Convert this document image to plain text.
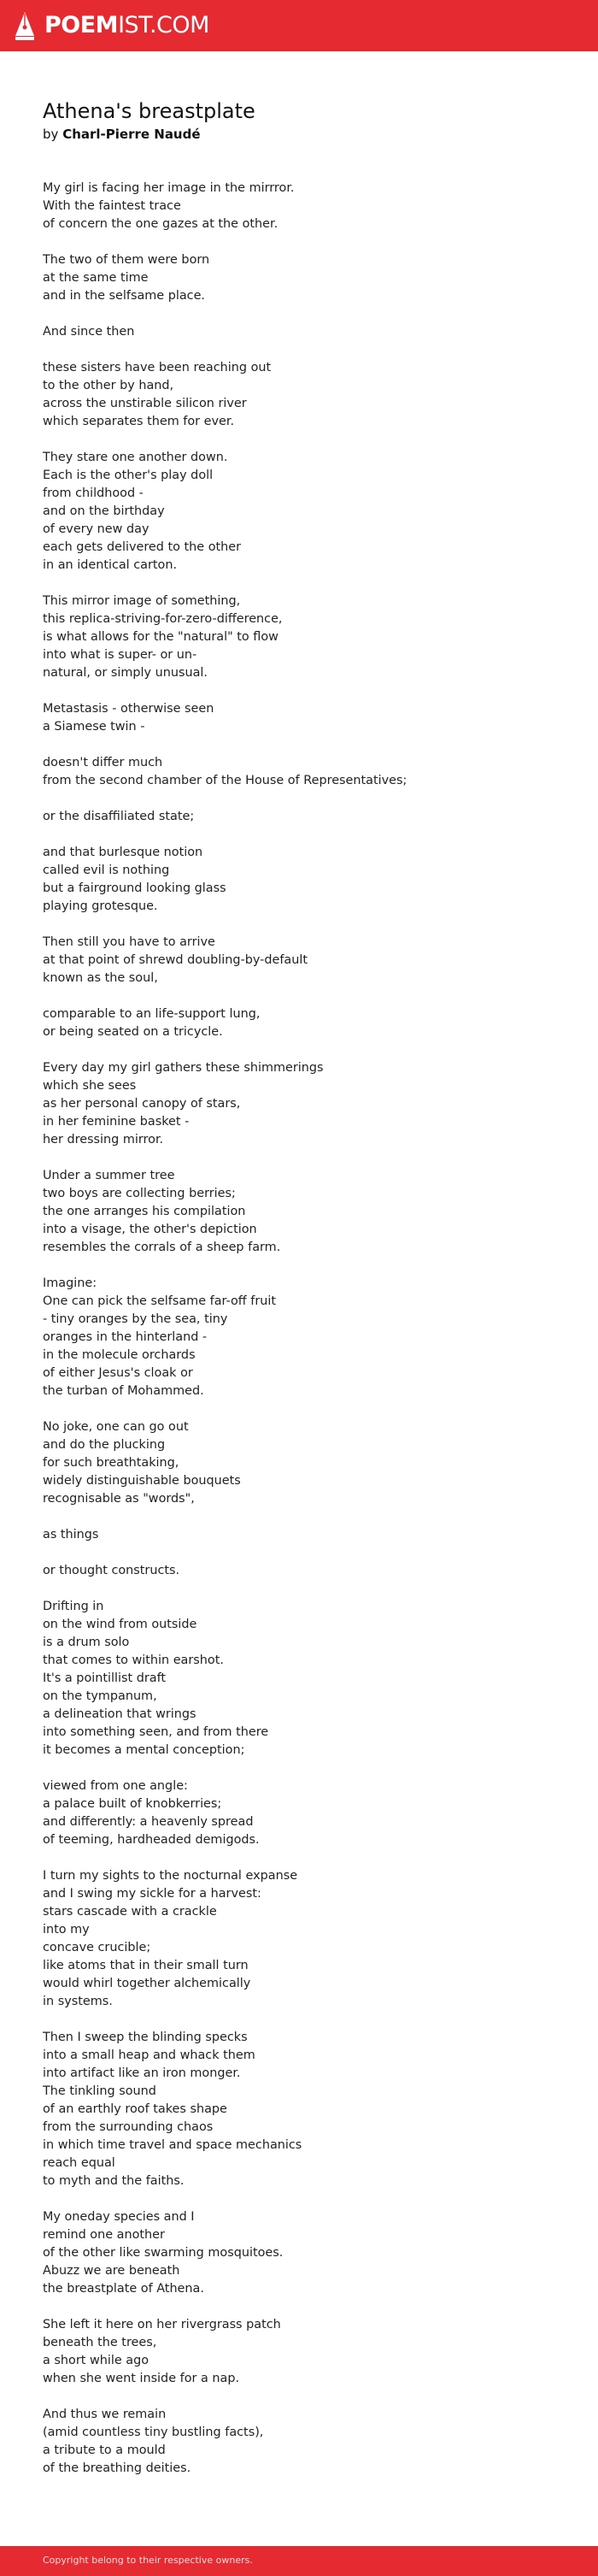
POEMIST.COM
Athena's breastplate
by Charl-Pierre Naudé

My girl is facing her image in the mirrror.
With the faintest trace
of concern the one gazes at the other.

The two of them were born
at the same time
and in the selfsame place.

And since then

these sisters have been reaching out
to the other by hand,
across the unstirable silicon river
which separates them for ever.

They stare one another down.
Each is the other's play doll
from childhood -
and on the birthday
of every new day
each gets delivered to the other
in an identical carton.

This mirror image of something,
this replica-striving-for-zero-difference,
is what allows for the "natural" to flow
into what is super- or un-
natural, or simply unusual.

Metastasis - otherwise seen
a Siamese twin -

doesn't differ much
from the second chamber of the House of Representatives;

or the disaffiliated state;

and that burlesque notion
called evil is nothing
but a fairground looking glass
playing grotesque.

Then still you have to arrive
at that point of shrewd doubling-by-default
known as the soul,

comparable to an life-support lung,
or being seated on a tricycle.

Every day my girl gathers these shimmerings
which she sees
as her personal canopy of stars,
in her feminine basket -
her dressing mirror.

Under a summer tree
two boys are collecting berries;
the one arranges his compilation
into a visage, the other's depiction
resembles the corrals of a sheep farm.

Imagine:
One can pick the selfsame far-off fruit
- tiny oranges by the sea, tiny
oranges in the hinterland -
in the molecule orchards
of either Jesus's cloak or
the turban of Mohammed.

No joke, one can go out
and do the plucking
for such breathtaking,
widely distinguishable bouquets
recognisable as "words",

as things

or thought constructs.

Drifting in
on the wind from outside
is a drum solo
that comes to within earshot.
It's a pointillist draft
on the tympanum,
a delineation that wrings
into something seen, and from there
it becomes a mental conception;

viewed from one angle:
a palace built of knobkerries;
and differently: a heavenly spread
of teeming, hardheaded demigods.

I turn my sights to the nocturnal expanse
and I swing my sickle for a harvest:
stars cascade with a crackle
into my
concave crucible;
like atoms that in their small turn
would whirl together alchemically
in systems.

Then I sweep the blinding specks
into a small heap and whack them
into artifact like an iron monger.
The tinkling sound
of an earthly roof takes shape
from the surrounding chaos
in which time travel and space mechanics
reach equal
to myth and the faiths.

My oneday species and I
remind one another
of the other like swarming mosquitoes.
Abuzz we are beneath
the breastplate of Athena.

She left it here on her rivergrass patch
beneath the trees,
a short while ago
when she went inside for a nap.

And thus we remain
(amid countless tiny bustling facts),
a tribute to a mould
of the breathing deities.

Copyright belong to their respective owners.
